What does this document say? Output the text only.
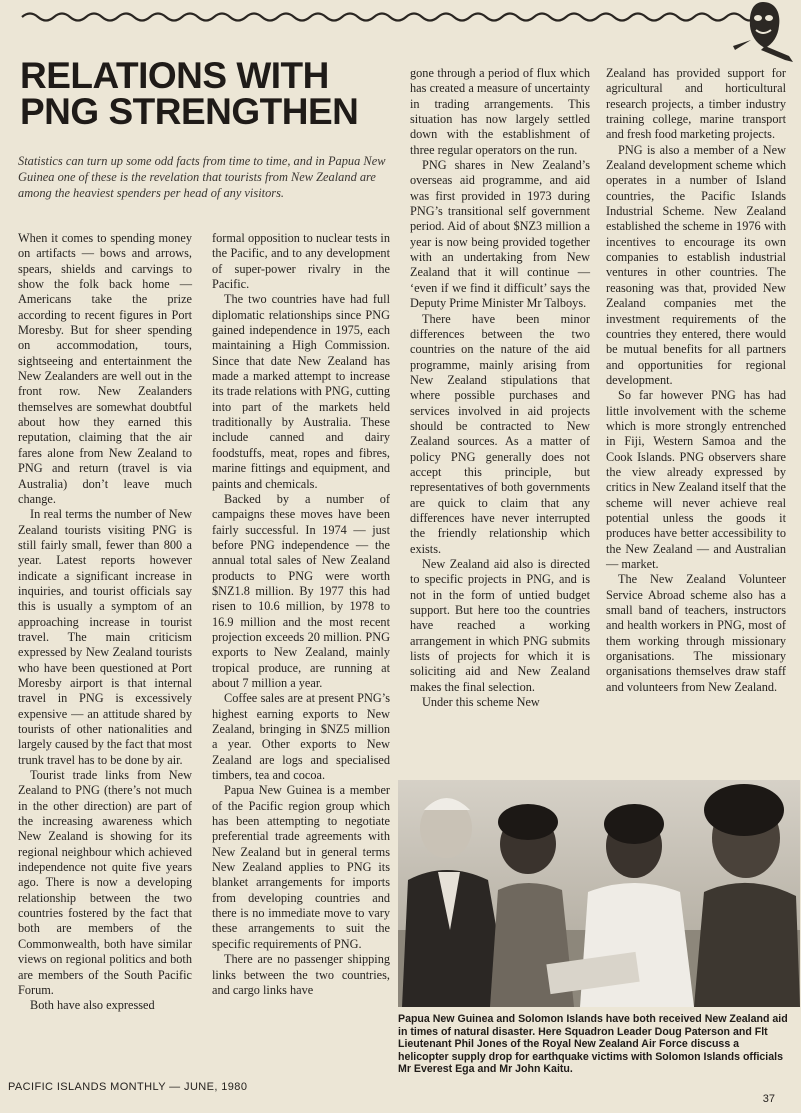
RELATIONS WITH PNG STRENGTHEN

Statistics can turn up some odd facts from time to time, and in Papua New Guinea one of these is the revelation that tourists from New Zealand are among the heaviest spenders per head of any visitors.

When it comes to spending money on artifacts — bows and arrows, spears, shields and carvings to show the folk back home — Americans take the prize according to recent figures in Port Moresby. But for sheer spending on accommodation, tours, sightseeing and entertainment the New Zealanders are well out in the front row. New Zealanders themselves are somewhat doubtful about how they earned this reputation, claiming that the air fares alone from New Zealand to PNG and return (travel is via Australia) don’t leave much change.

In real terms the number of New Zealand tourists visiting PNG is still fairly small, fewer than 800 a year. Latest reports however indicate a significant increase in inquiries, and tourist officials say this is usually a symptom of an approaching increase in tourist travel. The main criticism expressed by New Zealand tourists who have been questioned at Port Moresby airport is that internal travel in PNG is excessively expensive — an attitude shared by tourists of other nationalities and largely caused by the fact that most trunk travel has to be done by air.

Tourist trade links from New Zealand to PNG (there’s not much in the other direction) are part of the increasing awareness which New Zealand is showing for its regional neighbour which achieved independence not quite five years ago. There is now a developing relationship between the two countries fostered by the fact that both are members of the Commonwealth, both have similar views on regional politics and both are members of the South Pacific Forum.

Both have also expressed

formal opposition to nuclear tests in the Pacific, and to any development of super-power rivalry in the Pacific.

The two countries have had full diplomatic relationships since PNG gained independence in 1975, each maintaining a High Commission. Since that date New Zealand has made a marked attempt to increase its trade relations with PNG, cutting into part of the markets held traditionally by Australia. These include canned and dairy foodstuffs, meat, ropes and fibres, marine fittings and equipment, and paints and chemicals.

Backed by a number of campaigns these moves have been fairly successful. In 1974 — just before PNG independence — the annual total sales of New Zealand products to PNG were worth $NZ1.8 million. By 1977 this had risen to 10.6 million, by 1978 to 16.9 million and the most recent projection exceeds 20 million. PNG exports to New Zealand, mainly tropical produce, are running at about 7 million a year.

Coffee sales are at present PNG’s highest earning exports to New Zealand, bringing in $NZ5 million a year. Other exports to New Zealand are logs and specialised timbers, tea and cocoa.

Papua New Guinea is a member of the Pacific region group which has been attempting to negotiate preferential trade agreements with New Zealand but in general terms New Zealand applies to PNG its blanket arrangements for imports from developing countries and there is no immediate move to vary these arrangements to suit the specific requirements of PNG.

There are no passenger shipping links between the two countries, and cargo links have

gone through a period of flux which has created a measure of uncertainty in trading arrangements. This situation has now largely settled down with the establishment of three regular operators on the run.

PNG shares in New Zealand’s overseas aid programme, and aid was first provided in 1973 during PNG’s transitional self government period. Aid of about $NZ3 million a year is now being provided together with an undertaking from New Zealand that it will continue — ‘even if we find it difficult’ says the Deputy Prime Minister Mr Talboys.

There have been minor differences between the two countries on the nature of the aid programme, mainly arising from New Zealand stipulations that where possible purchases and services involved in aid projects should be contracted to New Zealand sources. As a matter of policy PNG generally does not accept this principle, but representatives of both governments are quick to claim that any differences have never interrupted the friendly relationship which exists.

New Zealand aid also is directed to specific projects in PNG, and is not in the form of untied budget support. But here too the countries have reached a working arrangement in which PNG submits lists of projects for which it is soliciting aid and New Zealand makes the final selection.

Under this scheme New

Zealand has provided support for agricultural and horticultural research projects, a timber industry training college, marine transport and fresh food marketing projects.

PNG is also a member of a New Zealand development scheme which operates in a number of Island countries, the Pacific Islands Industrial Scheme. New Zealand established the scheme in 1976 with incentives to encourage its own companies to establish industrial ventures in other countries. The reasoning was that, provided New Zealand companies met the investment requirements of the countries they entered, there would be mutual benefits for all partners and opportunities for regional development.

So far however PNG has had little involvement with the scheme which is more strongly entrenched in Fiji, Western Samoa and the Cook Islands. PNG observers share the view already expressed by critics in New Zealand itself that the scheme will never achieve real potential unless the goods it produces have better accessibility to the New Zealand — and Australian — market.

The New Zealand Volunteer Service Abroad scheme also has a small band of teachers, instructors and health workers in PNG, most of them working through missionary organisations. The missionary organisations themselves draw staff and volunteers from New Zealand.

Papua New Guinea and Solomon Islands have both received New Zealand aid in times of natural disaster. Here Squadron Leader Doug Paterson and Flt Lieutenant Phil Jones of the Royal New Zealand Air Force discuss a helicopter supply drop for earthquake victims with Solomon Islands officials Mr Everest Ega and Mr John Kaitu.

PACIFIC ISLANDS MONTHLY — JUNE, 1980

37
